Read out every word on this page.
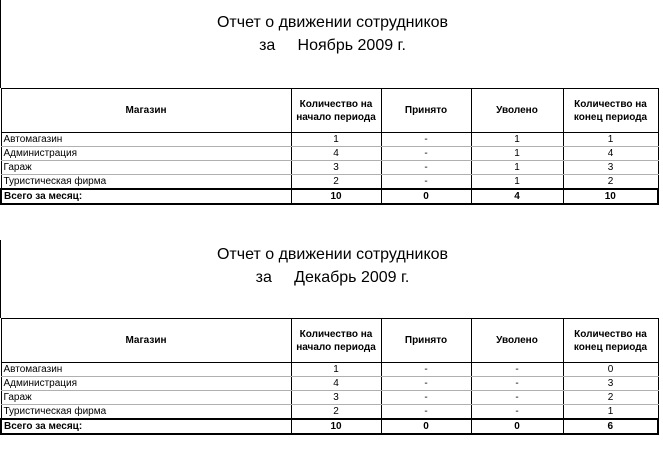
Отчет о движении сотрудников
за     Ноябрь 2009 г.
Магазин	Количество на начало периода	Принято	Уволено	Количество на конец периода
Автомагазин	1	-	1	1
Администрация	4	-	1	4
Гараж	3	-	1	3
Туристическая фирма	2	-	1	2
Всего за месяц:	10	0	4	10
Отчет о движении сотрудников
за     Декабрь 2009 г.
Магазин	Количество на начало периода	Принято	Уволено	Количество на конец периода
Автомагазин	1	-	-	0
Администрация	4	-	-	3
Гараж	3	-	-	2
Туристическая фирма	2	-	-	1
Всего за месяц:	10	0	0	6
